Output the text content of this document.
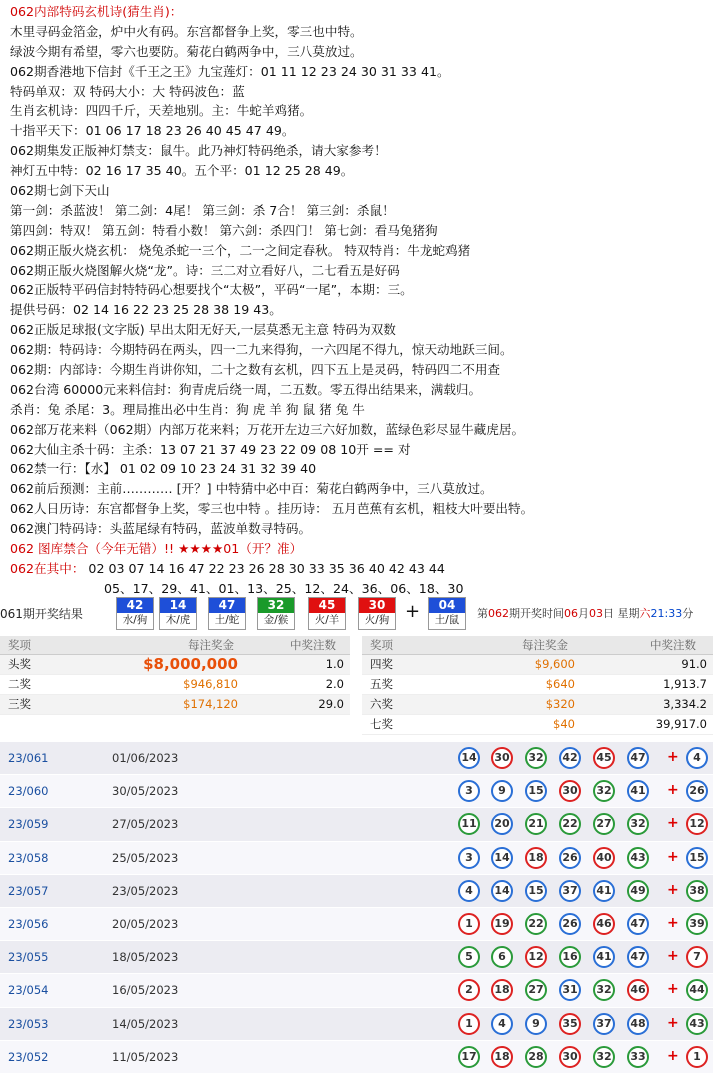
062内部特码玄机诗(猜生肖)：
木里寻码金箔金，炉中火有码。东宫都督争上奖，零三也中特。
绿波今期有希望，零六也要防。菊花白鹤两争中，三八莫放过。
062期香港地下信封《千王之王》九宝莲灯：01 11 12 23 24 30 31 33 41。
特码单双：双 特码大小：大 特码波色：蓝
生肖玄机诗：四四千斤，天差地别。主：牛蛇羊鸡猪。
十指平天下：01 06 17 18 23 26 40 45 47 49。
062期集发正版神灯禁支：鼠牛。此乃神灯特码绝杀，请大家参考！
神灯五中特：02 16 17 35 40。五个平：01 12 25 28 49。
062期七剑下天山
第一剑：杀蓝波！ 第二剑：4尾！ 第三剑：杀 7合！ 第三剑：杀鼠！
第四剑：特双！ 第五剑：特看小数！ 第六剑：杀四门！ 第七剑：看马兔猪狗
062期正版火烧玄机： 烧兔杀蛇一三个，二一之间定春秋。 特双特肖：牛龙蛇鸡猪
062期正版火烧图解火烧“龙”。诗：三二对立看好八，二七看五是好码
062正版特平码信封特特码心想要找个“太极”，平码“一尾”，本期：三。
提供号码：02 14 16 22 23 25 28 38 19 43。
062正版足球报(文字版) 早出太阳无好天,一层莫悉无主意 特码为双数
062期：特码诗：今期特码在两头，四一二九来得狗，一六四尾不得九，惊天动地跃三间。
062期：内部诗：今期生肖讲你知，二十之数有玄机，四下五上是灵码，特码四二不用查
062台湾 60000元来料信封：狗青虎后绕一周，二五数。零五得出结果来，满载归。
杀肖：兔 杀尾：3。理局推出必中生肖：狗 虎 羊 狗 鼠 猪 兔 牛
062部万花来料（062期）内部万花来料；万花开左边三六好加数，蓝绿色彩尽显牛藏虎居。
062大仙主杀十码：主杀：13 07 21 37 49 23 22 09 08 10开 == 对
062禁一行：【水】 01 02 09 10 23 24 31 32 39 40
062前后预测：主前………… [开？] 中特猜中必中百：菊花白鹤两争中，三八莫放过。
062人日历诗：东宫都督争上奖，零三也中特 。挂历诗： 五月芭蕉有玄机，粗枝大叶要出特。
062澳门特码诗：头蓝尾绿有特码，蓝波单数寻特码。
062 图库禁合（今年无错）!! ★★★★01（开？准）
062在其中： 02 03 07 14 16 47 22 23 26 28 30 33 35 36 40 42 43 44
05、17、29、41、01、13、25、12、24、36、06、18、30
061期开奖结果
42
水/狗
14
木/虎
47
土/蛇
32
金/猴
45
火/羊
30
火/狗
04
土/鼠
+	第062期开奖时间06月03日 星期六21:33分
奖项	每注奖金	中奖注数
头奖	$8,000,000	1.0
二奖	$946,810	2.0
三奖	$174,120	29.0
奖项	每注奖金	中奖注数
四奖	$9,600	91.0
五奖	$640	1,913.7
六奖	$320	3,334.2
七奖	$40	39,917.0
23/061	01/06/2023	14	30	32	42	45	47 +	4
23/060	30/05/2023	3	9	15	30	32	41 + 26
23/059	27/05/2023	11	20	21	22	27	32 + 12
23/058	25/05/2023	3	14	18	26	40	43 + 15
23/057	23/05/2023	4	14	15	37	41	49 + 38
23/056	20/05/2023	1	19	22	26	46	47 + 39
23/055	18/05/2023	5	6	12	16	41	47 +	7
23/054	16/05/2023	2	18	27	31	32	46 + 44
23/053	14/05/2023	1	4	9	35	37	48 + 43
23/052	11/05/2023	17	18	28	30	32	33 +	1
